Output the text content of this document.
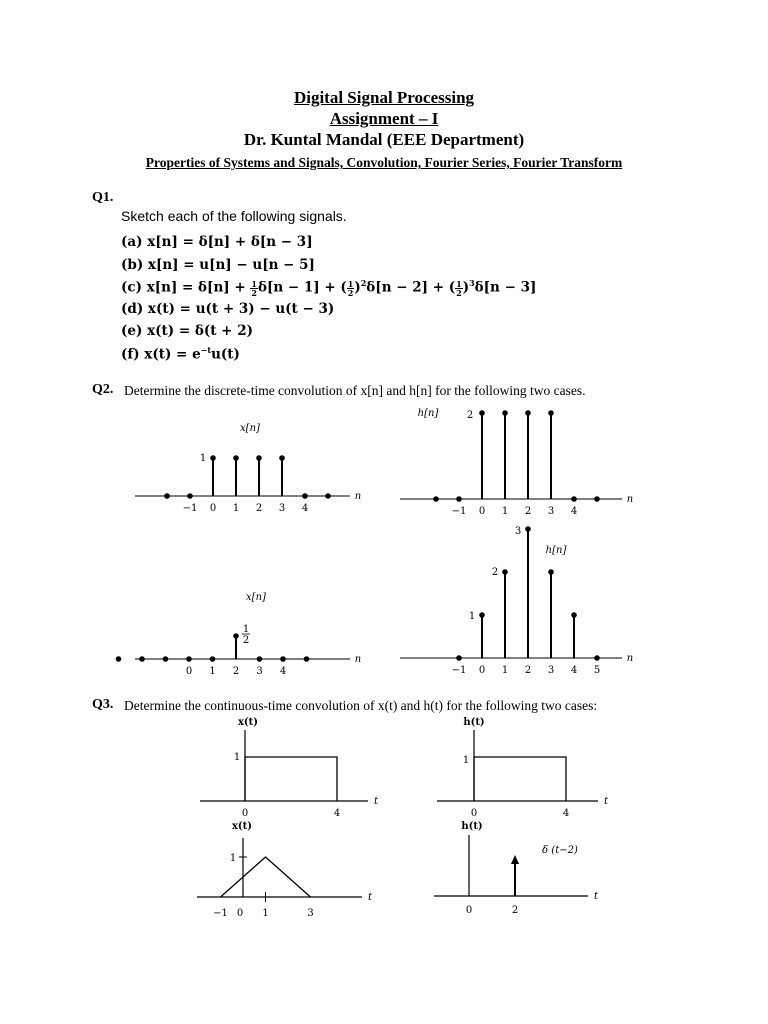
Digital Signal Processing
Assignment – I
Dr. Kuntal Mandal (EEE Department)
Properties of Systems and Signals, Convolution, Fourier Series, Fourier Transform
Q1.
Sketch each of the following signals.
(a) x[n] = δ[n] + δ[n − 3]
(b) x[n] = u[n] − u[n − 5]
(c) $x[n] = \delta[n] + \frac{1}{2} \delta[n - 1]$ + ( $\frac{1}{2} )^2\delta[n - 2]$ + ( $\frac{1}{2} )^3\delta[n - 3]$
(d) x(t) = u(t + 3) − u(t − 3)
(e) x(t) = δ(t + 2)
(f) $x(t) = e^{-t}u(t)$
Q2. Determine the discrete-time convolution of x[n] and h[n] for the following two cases.
Q3. Determine the continuous-time convolution of x(t) and h(t) for the following two cases:
n
x[n]
−1 0 1 2 3 4
1
n
h[n]
−1 0 1 2 3 4
2
n
x[n]
0 1 2 3 4
1
2
n
h[n]
−1 0 1 2 3 4 5
1
2
3
t
x(t)
1
0	4
t
h(t)
1
0	4
t
x(t)
1
−1 0 1	3
t
h(t)
δ (t−2)
0	2
